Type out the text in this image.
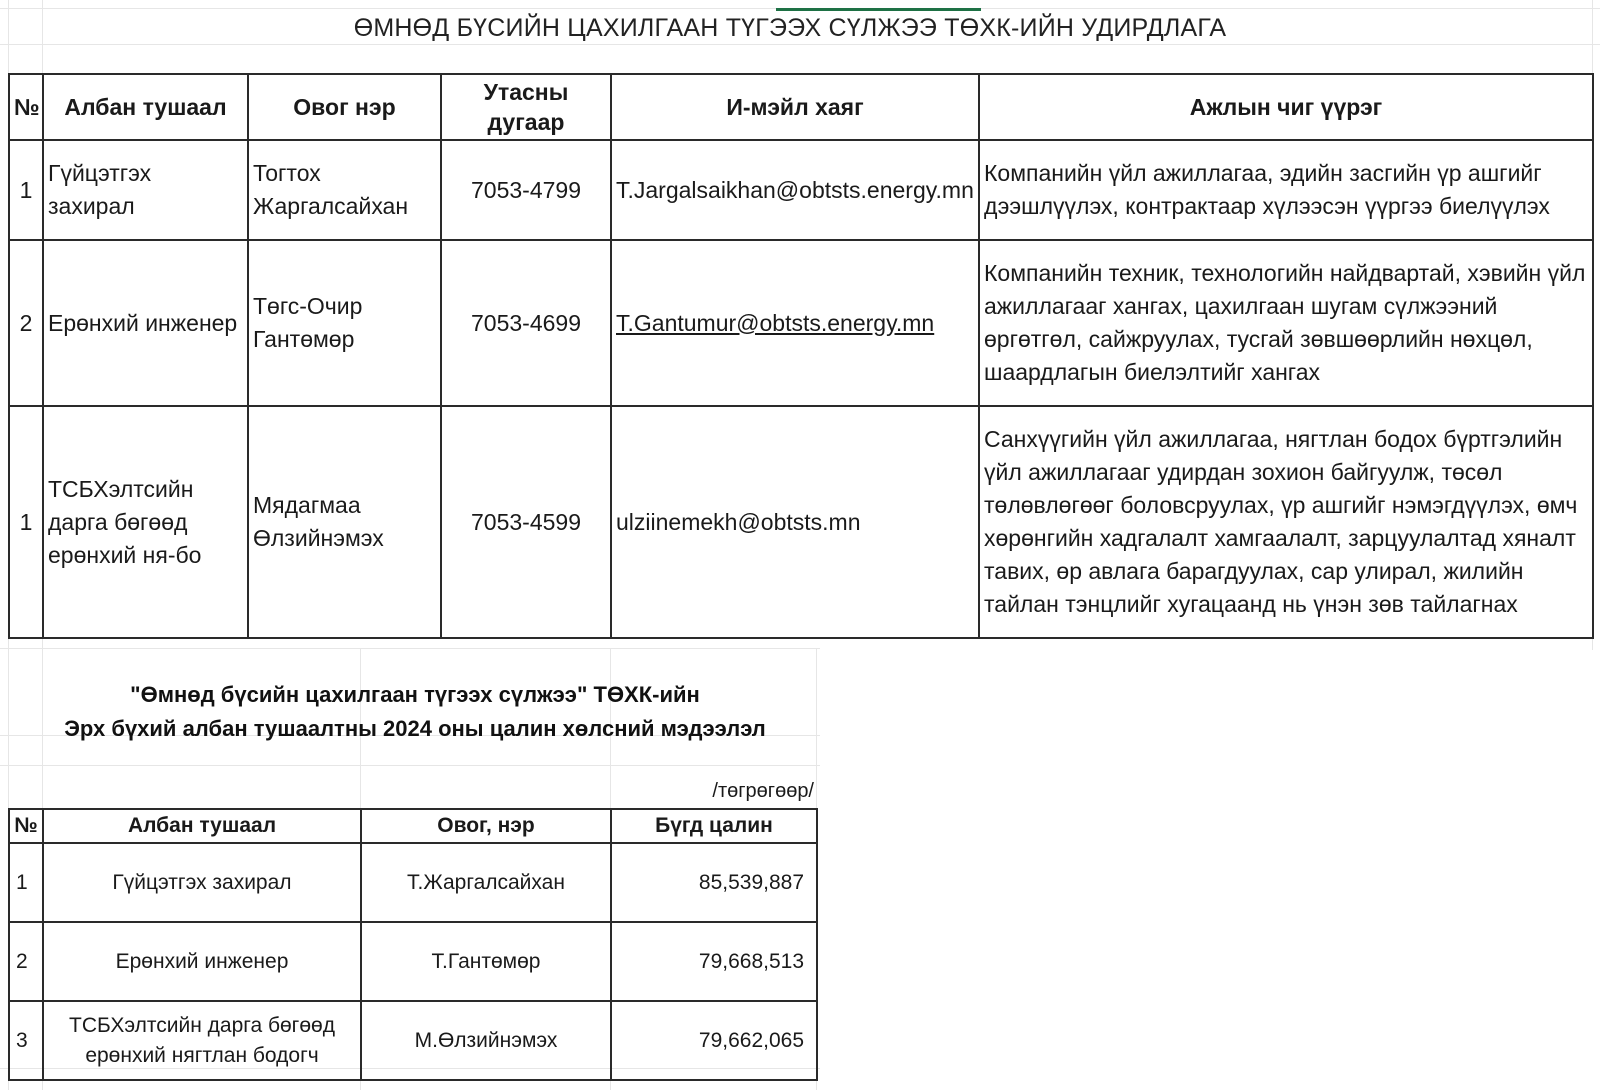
ӨМНӨД БҮСИЙН ЦАХИЛГААН ТҮГЭЭХ СҮЛЖЭЭ ТӨХК-ИЙН УДИРДЛАГА
№	Албан тушаал	Овог нэр	Утасны дугаар	И-мэйл хаяг	Ажлын чиг үүрэг
1	Гүйцэтгэх захирал	Тогтох Жаргалсайхан	7053-4799	T.Jargalsaikhan@obtsts.energy.mn	Компанийн үйл ажиллагаа, эдийн засгийн үр ашгийг дээшлүүлэх, контрактаар хүлээсэн үүргээ биелүүлэх
2	Ерөнхий инженер	Төгс-Очир Гантөмөр	7053-4699	T.Gantumur@obtsts.energy.mn	Компанийн техник, технологийн найдвартай, хэвийн үйл ажиллагааг хангах, цахилгаан шугам сүлжээний өргөтгөл, сайжруулах, тусгай зөвшөөрлийн нөхцөл, шаардлагын биелэлтийг хангах
1	ТСБХэлтсийн дарга бөгөөд ерөнхий ня-бо	Мядагмаа Өлзийнэмэх	7053-4599	ulziinemekh@obtsts.mn	Санхүүгийн үйл ажиллагаа, нягтлан бодох бүртгэлийн үйл ажиллагааг удирдан зохион байгуулж, төсөл төлөвлөгөөг боловсруулах, үр ашгийг нэмэгдүүлэх, өмч хөрөнгийн хадгалалт хамгаалалт, зарцуулалтад хяналт тавих, өр авлага барагдуулах, сар улирал, жилийн тайлан тэнцлийг хугацаанд нь үнэн зөв тайлагнах
"Өмнөд бүсийн цахилгаан түгээх сүлжээ" ТӨХК-ийн
Эрх бүхий албан тушаалтны 2024 оны цалин хөлсний мэдээлэл
/төгрөгөөр/
№	Албан тушаал	Овог, нэр	Бүгд цалин
1	Гүйцэтгэх захирал	Т.Жаргалсайхан	85,539,887
2	Ерөнхий инженер	Т.Гантөмөр	79,668,513
3	ТСБХэлтсийн дарга бөгөөд ерөнхий нягтлан бодогч	М.Өлзийнэмэх	79,662,065
